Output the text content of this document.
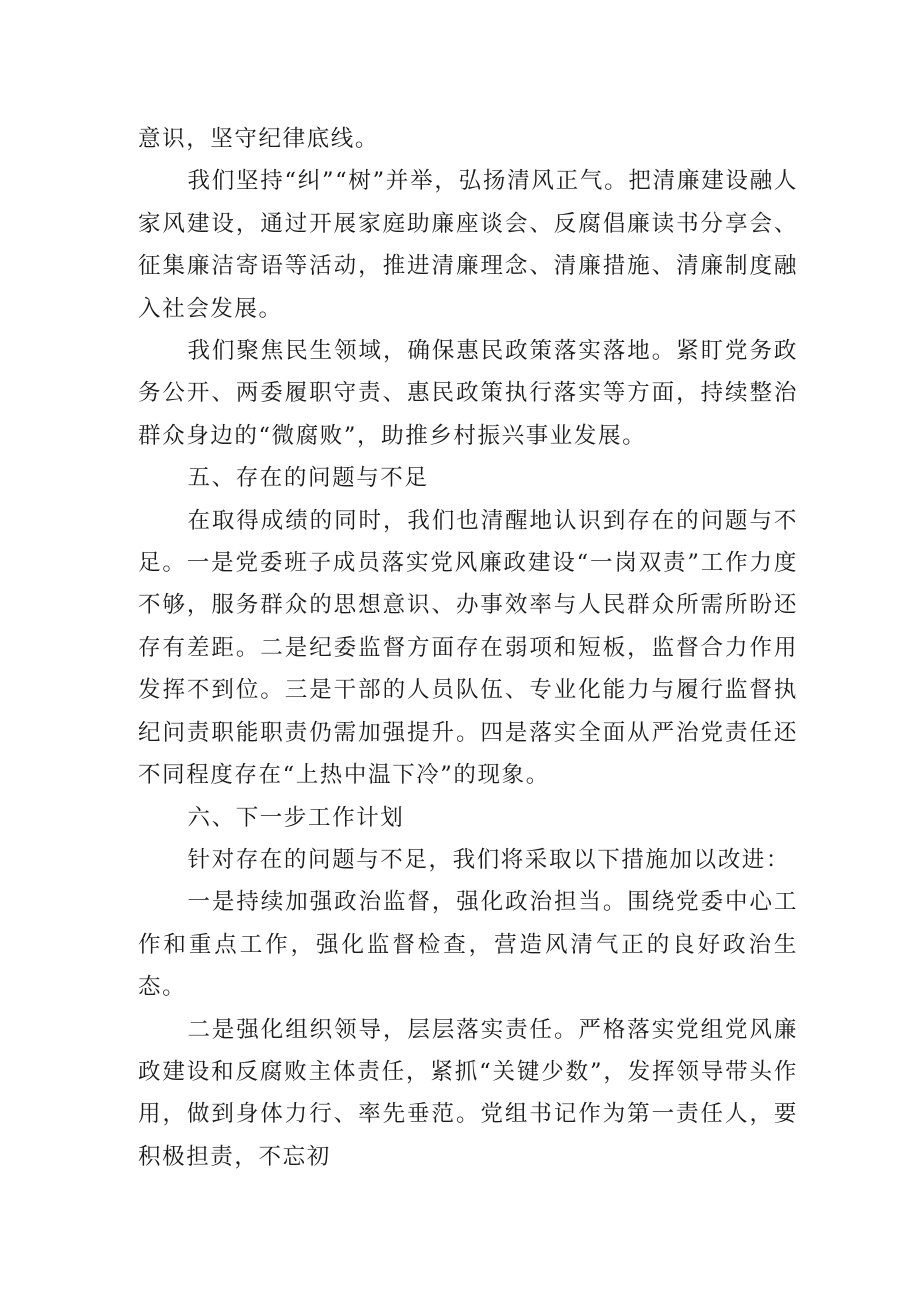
意识，坚守纪律底线。

我们坚持“纠”“树”并举，弘扬清风正气。把清廉建设融人家风建设，通过开展家庭助廉座谈会、反腐倡廉读书分享会、征集廉洁寄语等活动，推进清廉理念、清廉措施、清廉制度融入社会发展。

我们聚焦民生领域，确保惠民政策落实落地。紧盯党务政务公开、两委履职守责、惠民政策执行落实等方面，持续整治群众身边的“微腐败”，助推乡村振兴事业发展。

五、存在的问题与不足

在取得成绩的同时，我们也清醒地认识到存在的问题与不足。一是党委班子成员落实党风廉政建设“一岗双责”工作力度不够，服务群众的思想意识、办事效率与人民群众所需所盼还存有差距。二是纪委监督方面存在弱项和短板，监督合力作用发挥不到位。三是干部的人员队伍、专业化能力与履行监督执纪问责职能职责仍需加强提升。四是落实全面从严治党责任还不同程度存在“上热中温下冷”的现象。

六、下一步工作计划

针对存在的问题与不足，我们将采取以下措施加以改进：

一是持续加强政治监督，强化政治担当。围绕党委中心工作和重点工作，强化监督检查，营造风清气正的良好政治生态。

二是强化组织领导，层层落实责任。严格落实党组党风廉政建设和反腐败主体责任，紧抓“关键少数”，发挥领导带头作用，做到身体力行、率先垂范。党组书记作为第一责任人，要积极担责，不忘初
